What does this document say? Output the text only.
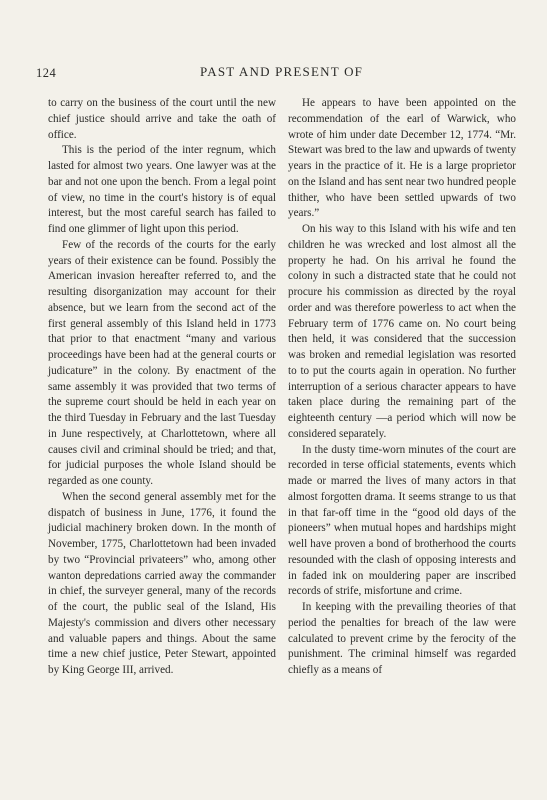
124	PAST AND PRESENT OF

to carry on the business of the court until the new chief justice should arrive and take the oath of office.

This is the period of the inter regnum, which lasted for almost two years. One lawyer was at the bar and not one upon the bench. From a legal point of view, no time in the court's history is of equal interest, but the most careful search has failed to find one glimmer of light upon this period.

Few of the records of the courts for the early years of their existence can be found. Possibly the American invasion hereafter referred to, and the resulting disorganization may account for their absence, but we learn from the second act of the first general assembly of this Island held in 1773 that prior to that enactment “many and various proceedings have been had at the general courts or judicature” in the colony. By enactment of the same assembly it was provided that two terms of the supreme court should be held in each year on the third Tuesday in February and the last Tuesday in June respectively, at Charlottetown, where all causes civil and criminal should be tried; and that, for judicial purposes the whole Island should be regarded as one county.

When the second general assembly met for the dispatch of business in June, 1776, it found the judicial machinery broken down. In the month of November, 1775, Charlottetown had been invaded by two “Provincial privateers” who, among other wanton depredations carried away the commander in chief, the surveyer general, many of the records of the court, the public seal of the Island, His Majesty's commission and divers other necessary and valuable papers and things. About the same time a new chief justice, Peter Stewart, appointed by King George III, arrived.

He appears to have been appointed on the recommendation of the earl of Warwick, who wrote of him under date December 12, 1774. “Mr. Stewart was bred to the law and upwards of twenty years in the practice of it. He is a large proprietor on the Island and has sent near two hundred people thither, who have been settled upwards of two years.”

On his way to this Island with his wife and ten children he was wrecked and lost almost all the property he had. On his arrival he found the colony in such a distracted state that he could not procure his commission as directed by the royal order and was therefore powerless to act when the February term of 1776 came on. No court being then held, it was considered that the succession was broken and remedial legislation was resorted to to put the courts again in operation. No further interruption of a serious character appears to have taken place during the remaining part of the eighteenth century —a period which will now be considered separately.

In the dusty time-worn minutes of the court are recorded in terse official statements, events which made or marred the lives of many actors in that almost forgotten drama. It seems strange to us that in that far-off time in the “good old days of the pioneers” when mutual hopes and hardships might well have proven a bond of brotherhood the courts resounded with the clash of opposing interests and in faded ink on mouldering paper are inscribed records of strife, misfortune and crime.

In keeping with the prevailing theories of that period the penalties for breach of the law were calculated to prevent crime by the ferocity of the punishment. The criminal himself was regarded chiefly as a means of
